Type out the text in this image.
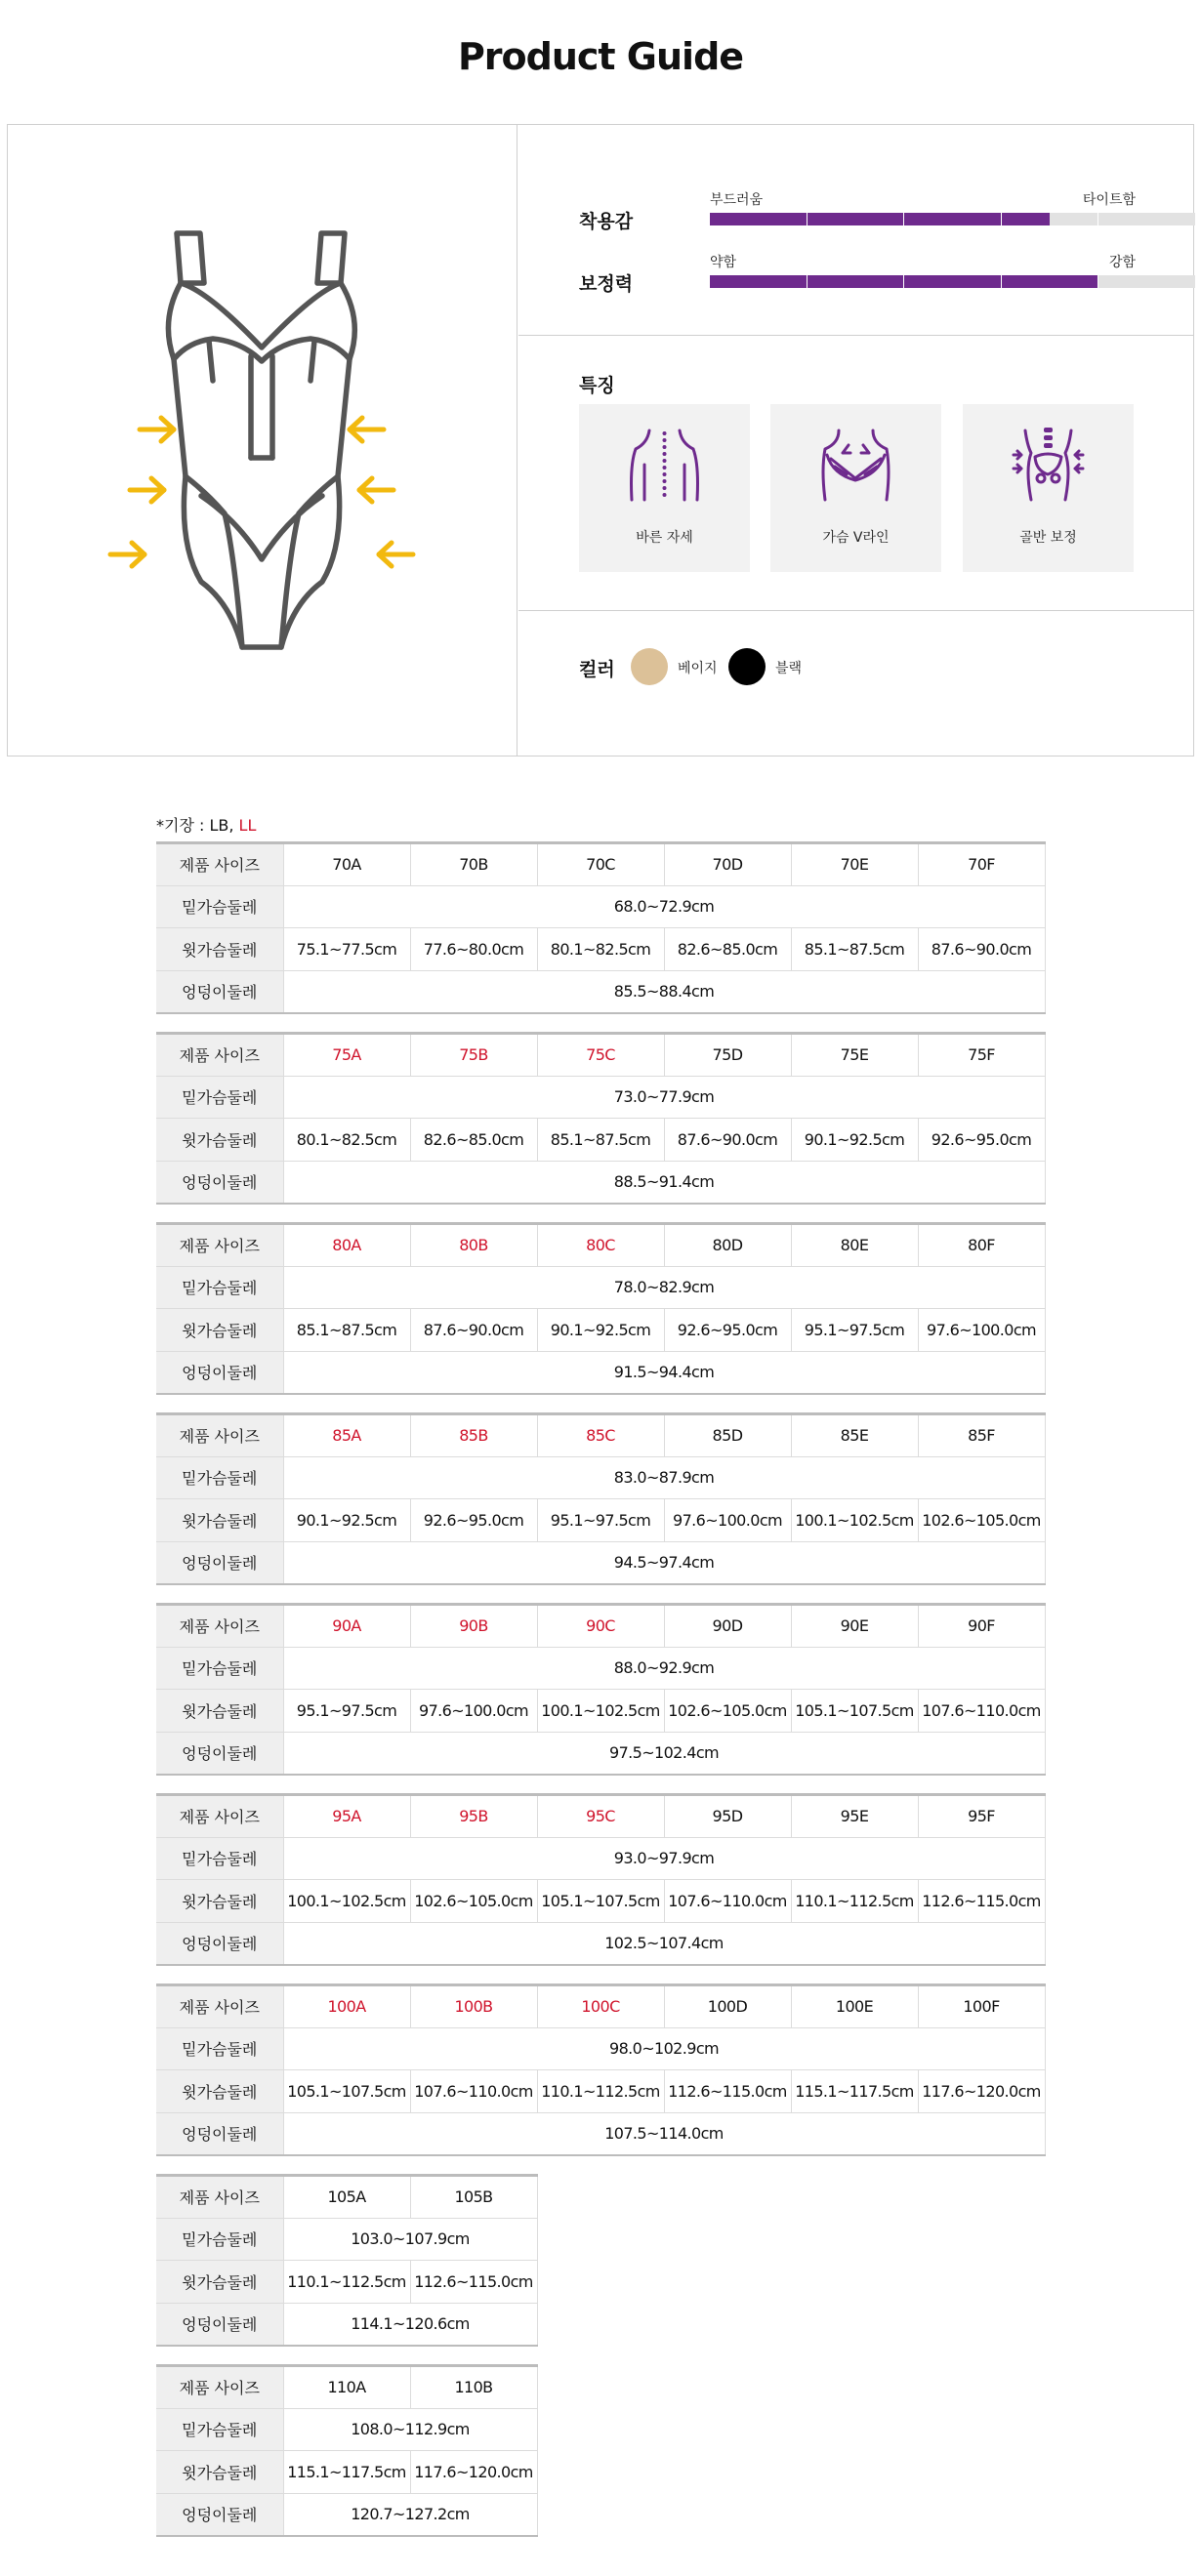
Product Guide
착용감
부드러움	타이트함
보정력
약함	강함
특징
바른 자세	가슴 V라인	골반 보정
컬러	베이지	블랙
*기장 : LB, LL
제품 사이즈	70A	70B	70C	70D	70E	70F
밑가슴둘레	68.0~72.9cm					
윗가슴둘레	75.1~77.5cm	77.6~80.0cm	80.1~82.5cm	82.6~85.0cm	85.1~87.5cm	87.6~90.0cm
엉덩이둘레	85.5~88.4cm					
제품 사이즈	75A	75B	75C	75D	75E	75F
밑가슴둘레	73.0~77.9cm					
윗가슴둘레	80.1~82.5cm	82.6~85.0cm	85.1~87.5cm	87.6~90.0cm	90.1~92.5cm	92.6~95.0cm
엉덩이둘레	88.5~91.4cm					
제품 사이즈	80A	80B	80C	80D	80E	80F
밑가슴둘레	78.0~82.9cm					
윗가슴둘레	85.1~87.5cm	87.6~90.0cm	90.1~92.5cm	92.6~95.0cm	95.1~97.5cm	97.6~100.0cm
엉덩이둘레	91.5~94.4cm					
제품 사이즈	85A	85B	85C	85D	85E	85F
밑가슴둘레	83.0~87.9cm					
윗가슴둘레	90.1~92.5cm	92.6~95.0cm	95.1~97.5cm	97.6~100.0cm	100.1~102.5cm	102.6~105.0cm
엉덩이둘레	94.5~97.4cm					
제품 사이즈	90A	90B	90C	90D	90E	90F
밑가슴둘레	88.0~92.9cm					
윗가슴둘레	95.1~97.5cm	97.6~100.0cm	100.1~102.5cm	102.6~105.0cm	105.1~107.5cm	107.6~110.0cm
엉덩이둘레	97.5~102.4cm					
제품 사이즈	95A	95B	95C	95D	95E	95F
밑가슴둘레	93.0~97.9cm					
윗가슴둘레	100.1~102.5cm	102.6~105.0cm	105.1~107.5cm	107.6~110.0cm	110.1~112.5cm	112.6~115.0cm
엉덩이둘레	102.5~107.4cm					
제품 사이즈	100A	100B	100C	100D	100E	100F
밑가슴둘레	98.0~102.9cm					
윗가슴둘레	105.1~107.5cm	107.6~110.0cm	110.1~112.5cm	112.6~115.0cm	115.1~117.5cm	117.6~120.0cm
엉덩이둘레	107.5~114.0cm					
제품 사이즈	105A	105B
밑가슴둘레	103.0~107.9cm	
윗가슴둘레	110.1~112.5cm	112.6~115.0cm
엉덩이둘레	114.1~120.6cm	
제품 사이즈	110A	110B
밑가슴둘레	108.0~112.9cm	
윗가슴둘레	115.1~117.5cm	117.6~120.0cm
엉덩이둘레	120.7~127.2cm	
